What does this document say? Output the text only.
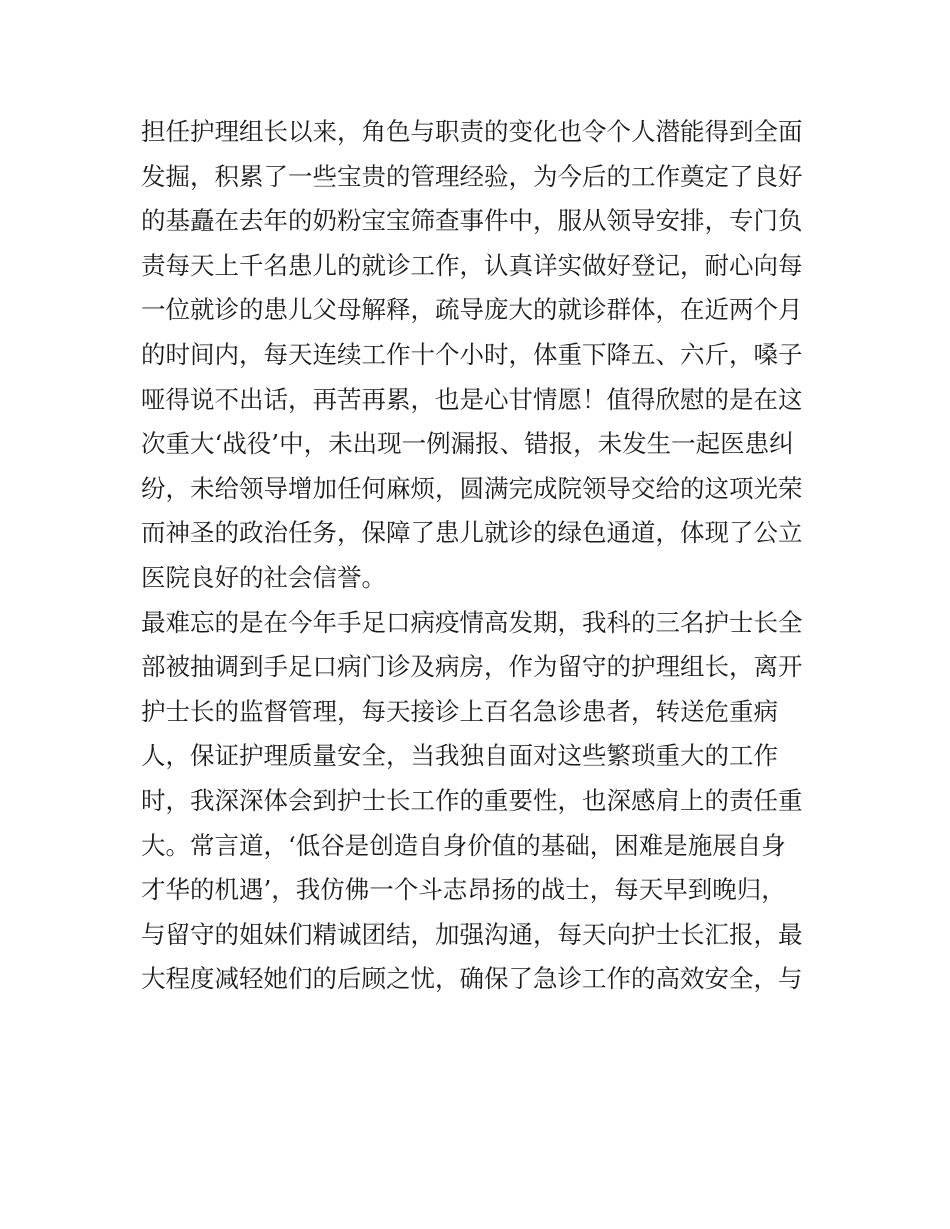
担任护理组长以来，角色与职责的变化也令个人潜能得到全面
发掘，积累了一些宝贵的管理经验，为今后的工作奠定了良好
的基矗在去年的奶粉宝宝筛查事件中，服从领导安排，专门负
责每天上千名患儿的就诊工作，认真详实做好登记，耐心向每
一位就诊的患儿父母解释，疏导庞大的就诊群体，在近两个月
的时间内，每天连续工作十个小时，体重下降五、六斤，嗓子
哑得说不出话，再苦再累，也是心甘情愿！值得欣慰的是在这
次重大‘战役’中，未出现一例漏报、错报，未发生一起医患纠
纷，未给领导增加任何麻烦，圆满完成院领导交给的这项光荣
而神圣的政治任务，保障了患儿就诊的绿色通道，体现了公立
医院良好的社会信誉。
最难忘的是在今年手足口病疫情高发期，我科的三名护士长全
部被抽调到手足口病门诊及病房，作为留守的护理组长，离开
护士长的监督管理，每天接诊上百名急诊患者，转送危重病
人，保证护理质量安全，当我独自面对这些繁琐重大的工作
时，我深深体会到护士长工作的重要性，也深感肩上的责任重
大。常言道，‘低谷是创造自身价值的基础，困难是施展自身
才华的机遇’，我仿佛一个斗志昂扬的战士，每天早到晚归，
与留守的姐妹们精诚团结，加强沟通，每天向护士长汇报，最
大程度减轻她们的后顾之忧，确保了急诊工作的高效安全，与
